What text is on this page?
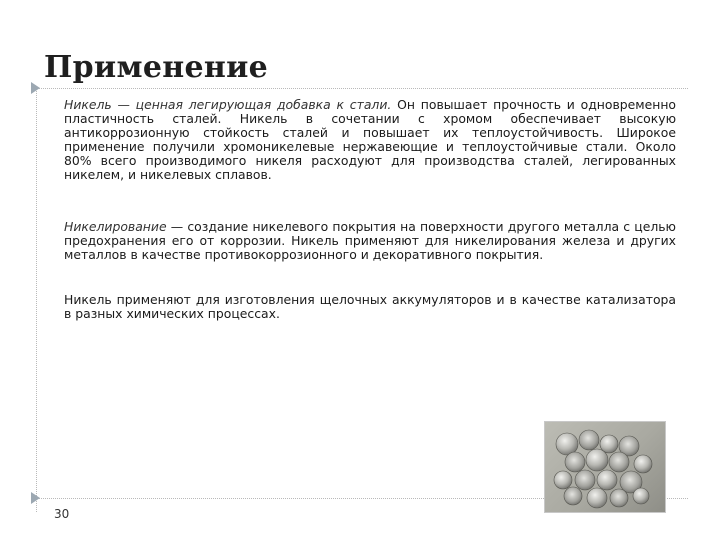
Применение
Никель — ценная легирующая добавка к стали. Он повышает прочность и одновременно пластичность сталей. Никель в сочетании с хромом обеспечивает высокую антикоррозионную стойкость сталей и повышает их теплоустойчивость. Широкое применение получили хромоникелевые нержавеющие и теплоустойчивые стали. Около 80% всего производимого никеля расходуют для производства сталей, легированных никелем, и никелевых сплавов.
Никелирование — создание никелевого покрытия на поверхности другого металла с целью предохранения его от коррозии. Никель применяют для никелирования железа и других металлов в качестве противокоррозионного и декоративного покрытия.
Никель применяют для изготовления щелочных аккумуляторов и в качестве катализатора в разных химических процессах.
30
